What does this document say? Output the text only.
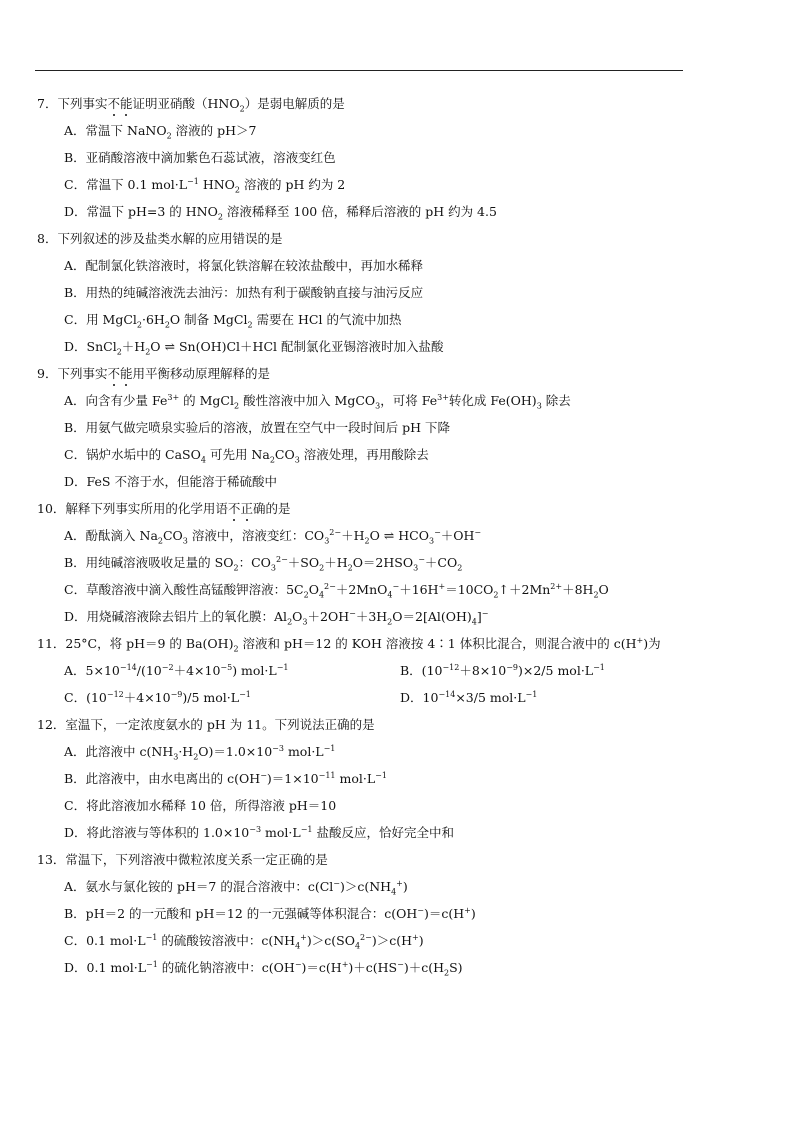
7．下列事实不能证明亚硝酸$(HNO_2)$是弱电解质的是
A．常温下 NaNO$_2$ 溶液的 pH＞7
B．亚硝酸溶液中滴加紫色石蕊试液，溶液变红色
C．常温下 0.1 $mol\cdot L^{-1}$ $HNO_2$ 溶液的 pH 约为 2
D．常温下 pH=3 的 $HNO_2$ 溶液稀释至 100 倍，稀释后溶液的 pH 约为 4.5
8．下列叙述的涉及盐类水解的应用错误的是
A．配制氯化铁溶液时，将氯化铁溶解在较浓盐酸中，再加水稀释
B．用热的纯碱溶液洗去油污：加热有利于碳酸钠直接与油污反应
C．用 $MgCl_2\cdot 6H_2O$ 制备 MgCl$_2$ 需要在 HCl 的气流中加热
D．$SnCl_2+H_2O$ ⇌ Sn(OH)Cl＋HCl 配制氯化亚锡溶液时加入盐酸
9．下列事实不能用平衡移动原理解释的是
A．向含有少量 $Fe^{3+}$ 的 MgCl$_2$ 酸性溶液中加入 MgCO$_3$，可将 $Fe^{3+}$转化成 $Fe(OH)_3$ 除去
B．用氨气做完喷泉实验后的溶液，放置在空气中一段时间后 pH 下降
C．锅炉水垢中的 CaSO$_4$ 可先用 $Na_2CO_3$ 溶液处理，再用酸除去
D．FeS 不溶于水，但能溶于稀硫酸中
10．解释下列事实所用的化学用语不正确的是
A．酚酞滴入 $Na_2CO_3$ 溶液中，溶液变红：$CO_3^{2-}+H_2O$ ⇌ $HCO_3^-+OH^-$
B．用纯碱溶液吸收足量的 $SO_2$：$CO_3^{2-}+SO_2+H_2O=2HSO_3^-+CO_2$
C．草酸溶液中滴入酸性高锰酸钾溶液：$5C_2O_4^{2-}+2MnO_4^-+16H^+=10CO_2↑+2Mn^{2+}+8H_2O$
D．用烧碱溶液除去铝片上的氧化膜：$Al_2O_3+2OH^-+3H_2O=2[Al(OH)_4]^-$
11．25°C，将 pH＝9 的 $Ba(OH)_2$ 溶液和 pH＝12 的 KOH 溶液按 4∶1 体积比混合，则混合液中的 c(H+)为
A．$5\times 10^{-14}/(10^{-2}+4\times 10^{-5})$ $mol\cdot L^{-1}$	B．$(10^{-12}+8\times 10^{-9})\times 2/5$ $mol\cdot L^{-1}$
C．$(10^{-12}+4\times 10^{-9})/5$ $mol\cdot L^{-1}$	D．$10^{-14}\times 3/5$ $mol\cdot L^{-1}$
12．室温下，一定浓度氨水的 pH 为 11。下列说法正确的是
A．此溶液中 $c(NH_3\cdot H_2O)=1.0\times 10^{-3}$ $mol\cdot L^{-1}$
B．此溶液中，由水电离出的 $c(OH^-)=1\times 10^{-11}$ $mol\cdot L^{-1}$
C．将此溶液加水稀释 10 倍，所得溶液 pH＝10
D．将此溶液与等体积的 $1.0\times 10^{-3}$ $mol\cdot L^{-1}$ 盐酸反应，恰好完全中和
13．常温下，下列溶液中微粒浓度关系一定正确的是
A．氨水与氯化铵的 pH＝7 的混合溶液中：$c(Cl^-)>c(NH_4^+)$
B．pH＝2 的一元酸和 pH＝12 的一元强碱等体积混合：c(OH−)＝c(H+)
C．0.1 $mol\cdot L^{-1}$ 的硫酸铵溶液中：$c(NH_4^+)>c(SO_4^{2-})>c(H^+)$
D．0.1 $mol\cdot L^{-1}$ 的硫化钠溶液中：$c(OH^-)=c(H^+)+c(HS^-)+c(H_2S)$
